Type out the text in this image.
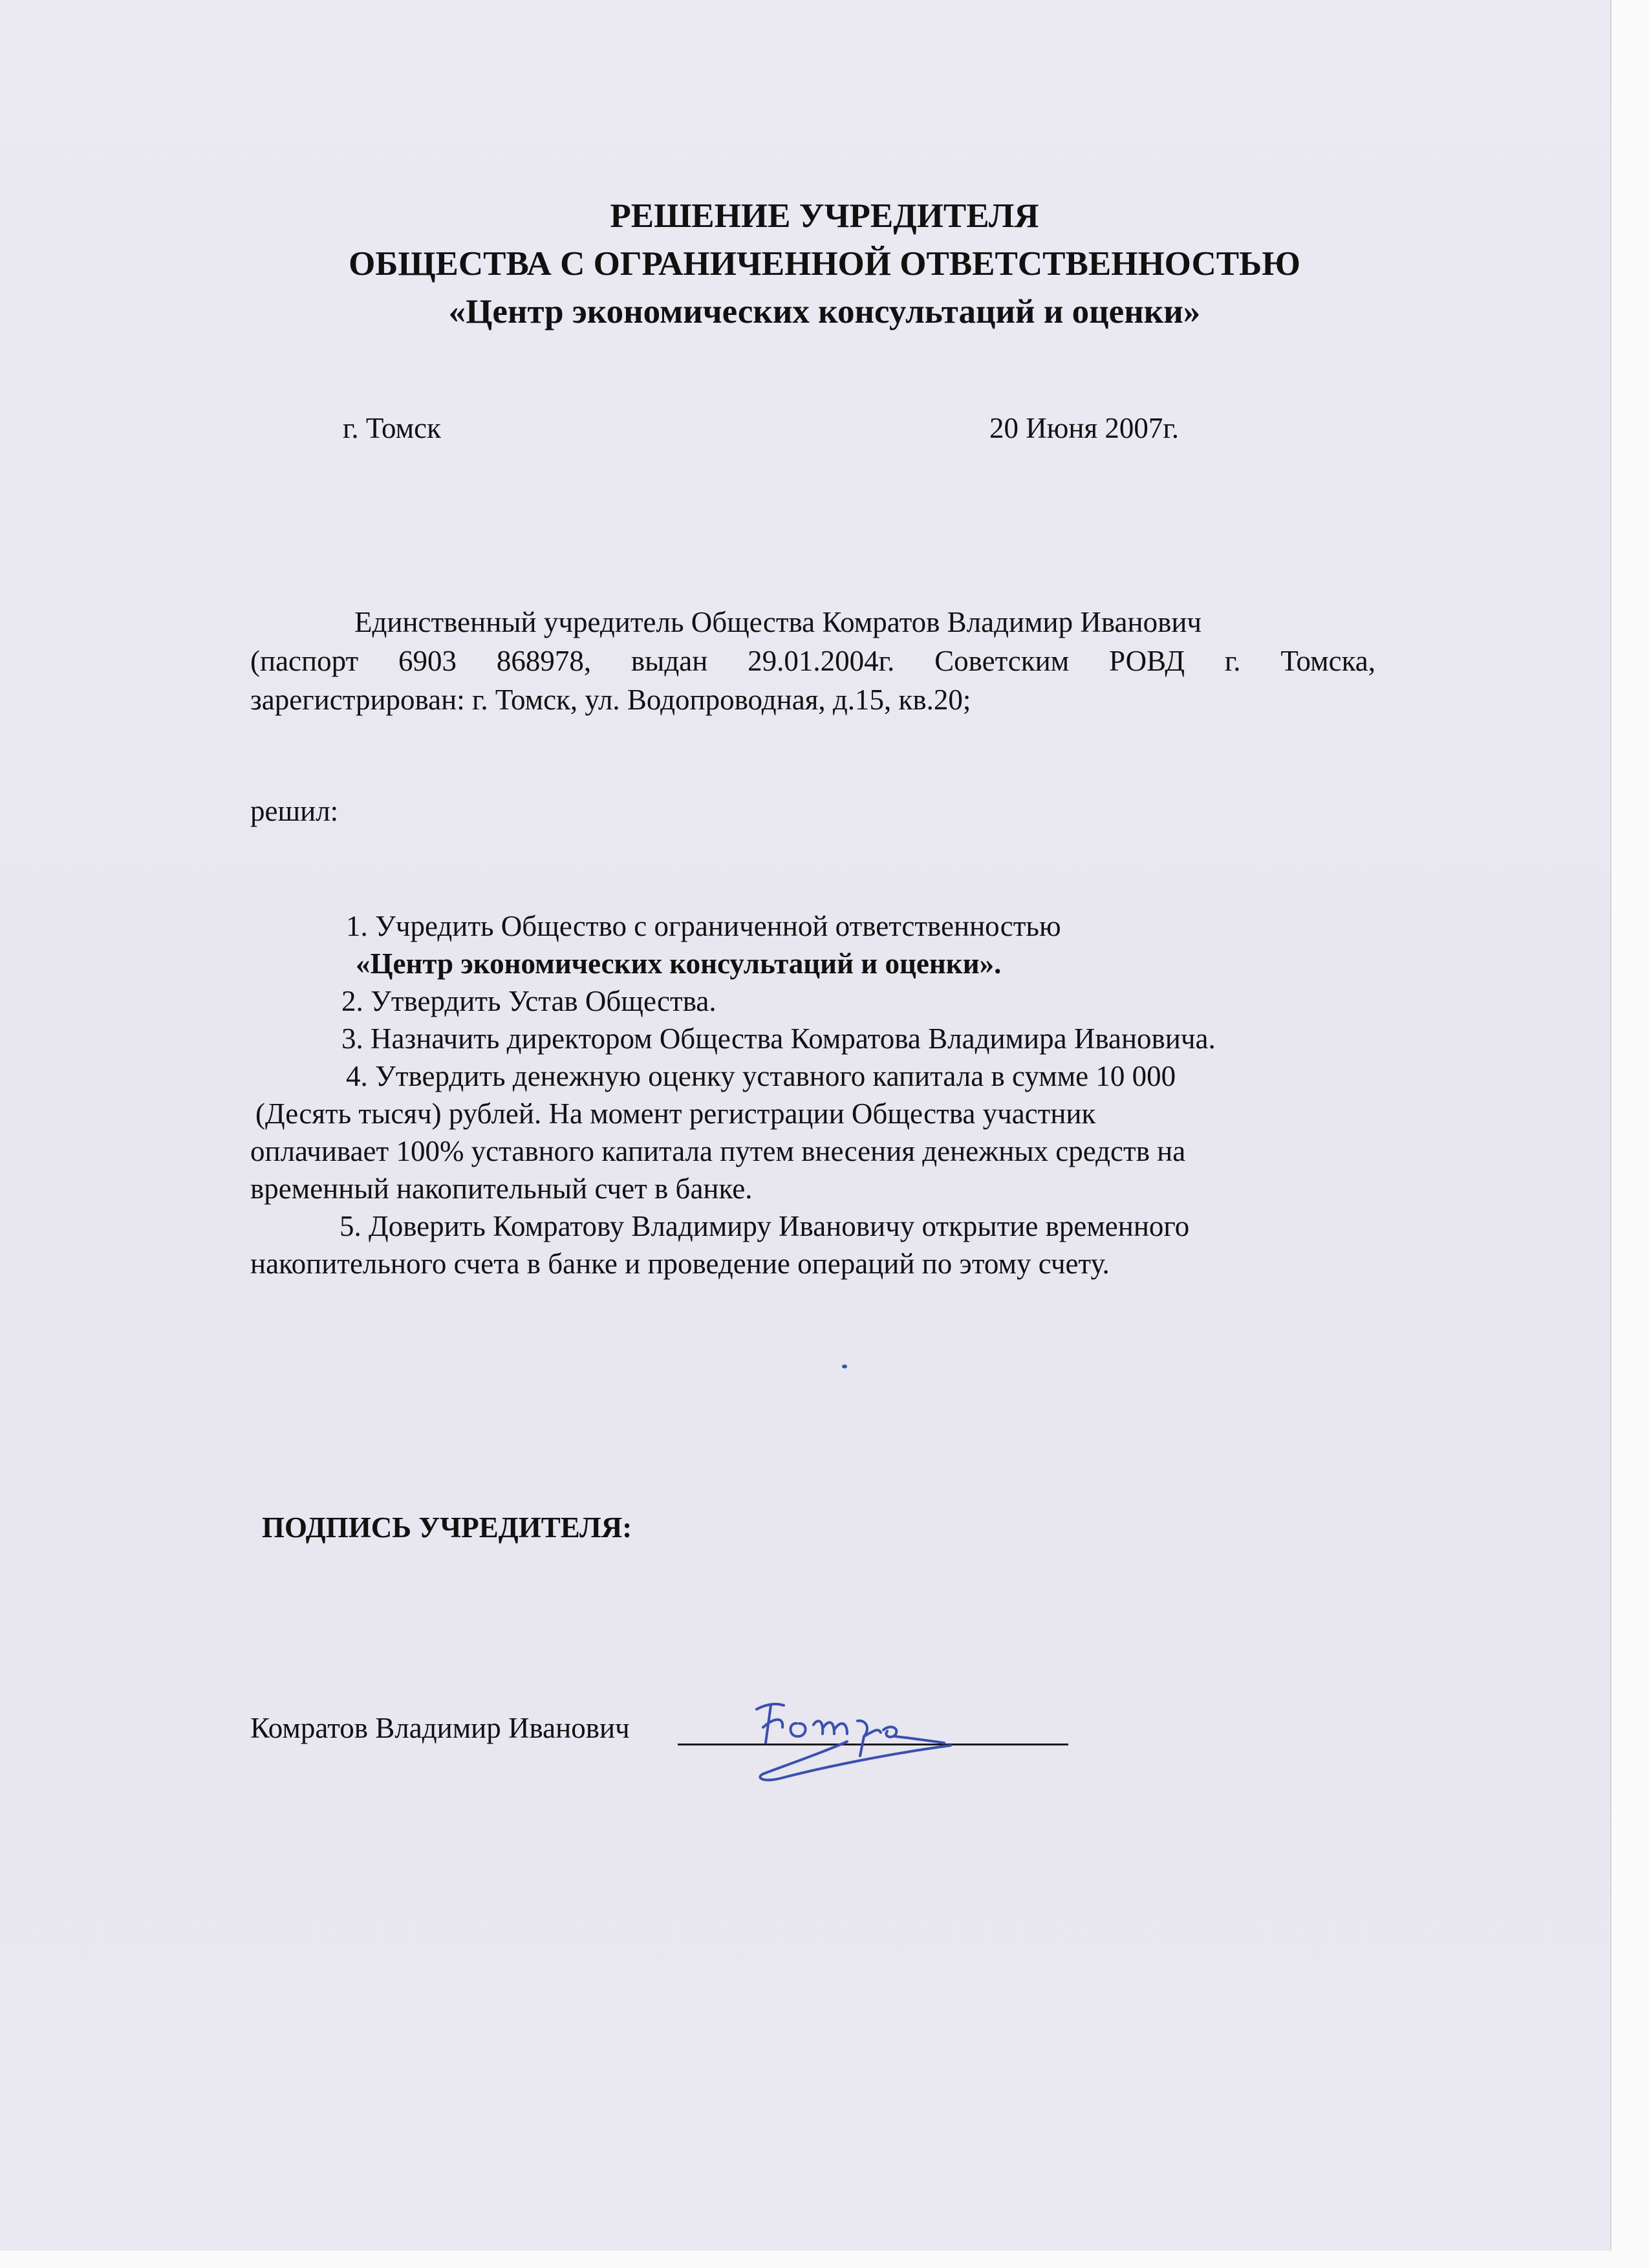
РЕШЕНИЕ УЧРЕДИТЕЛЯ
ОБЩЕСТВА С ОГРАНИЧЕННОЙ ОТВЕТСТВЕННОСТЬЮ
«Центр экономических консультаций и оценки»
г. Томск	20 Июня 2007г.
Единственный учредитель Общества Комратов Владимир Иванович
(паспорт 6903 868978, выдан 29.01.2004г. Советским РОВД г. Томска,
зарегистрирован: г. Томск, ул. Водопроводная, д.15, кв.20;
решил:
1. Учредить Общество с ограниченной ответственностью
«Центр экономических консультаций и оценки».
2. Утвердить Устав Общества.
3. Назначить директором Общества Комратова Владимира Ивановича.
4. Утвердить денежную оценку уставного капитала в сумме 10 000
(Десять тысяч) рублей. На момент регистрации Общества участник
оплачивает 100% уставного капитала путем внесения денежных средств на
временный накопительный счет в банке.
5. Доверить Комратову Владимиру Ивановичу открытие временного
накопительного счета в банке и проведение операций по этому счету.
ПОДПИСЬ УЧРЕДИТЕЛЯ:
Комратов Владимир Иванович
